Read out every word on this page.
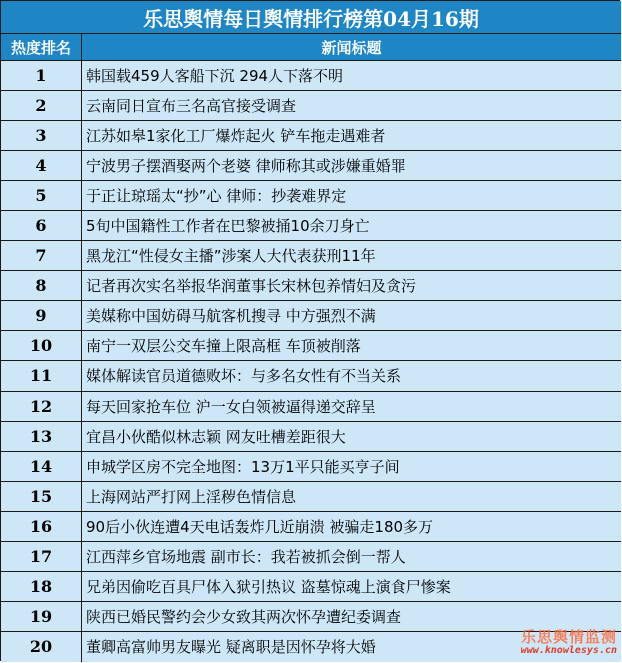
乐思舆情每日舆情排行榜第04月16期
热度排名	新闻标题
1	韩国载459人客船下沉 294人下落不明
2	云南同日宣布三名高官接受调查
3	江苏如皋1家化工厂爆炸起火 铲车拖走遇难者
4	宁波男子摆酒娶两个老婆 律师称其或涉嫌重婚罪
5	于正让琼瑶太“抄”心 律师：抄袭难界定
6	5旬中国籍性工作者在巴黎被捅10余刀身亡
7	黑龙江“性侵女主播”涉案人大代表获刑11年
8	记者再次实名举报华润董事长宋林包养情妇及贪污
9	美媒称中国妨碍马航客机搜寻 中方强烈不满
10	南宁一双层公交车撞上限高框 车顶被削落
11	媒体解读官员道德败坏：与多名女性有不当关系
12	每天回家抢车位 沪一女白领被逼得递交辞呈
13	宜昌小伙酷似林志颖 网友吐槽差距很大
14	申城学区房不完全地图：13万1平只能买亨子间
15	上海网站严打网上淫秽色情信息
16	90后小伙连遭4天电话轰炸几近崩溃 被骗走180多万
17	江西萍乡官场地震 副市长：我若被抓会倒一帮人
18	兄弟因偷吃百具尸体入狱引热议 盗墓惊魂上演食尸惨案
19	陕西已婚民警约会少女致其两次怀孕遭纪委调查
20	董卿高富帅男友曝光 疑离职是因怀孕将大婚
乐思舆情监测
www.knowlesys.cn
